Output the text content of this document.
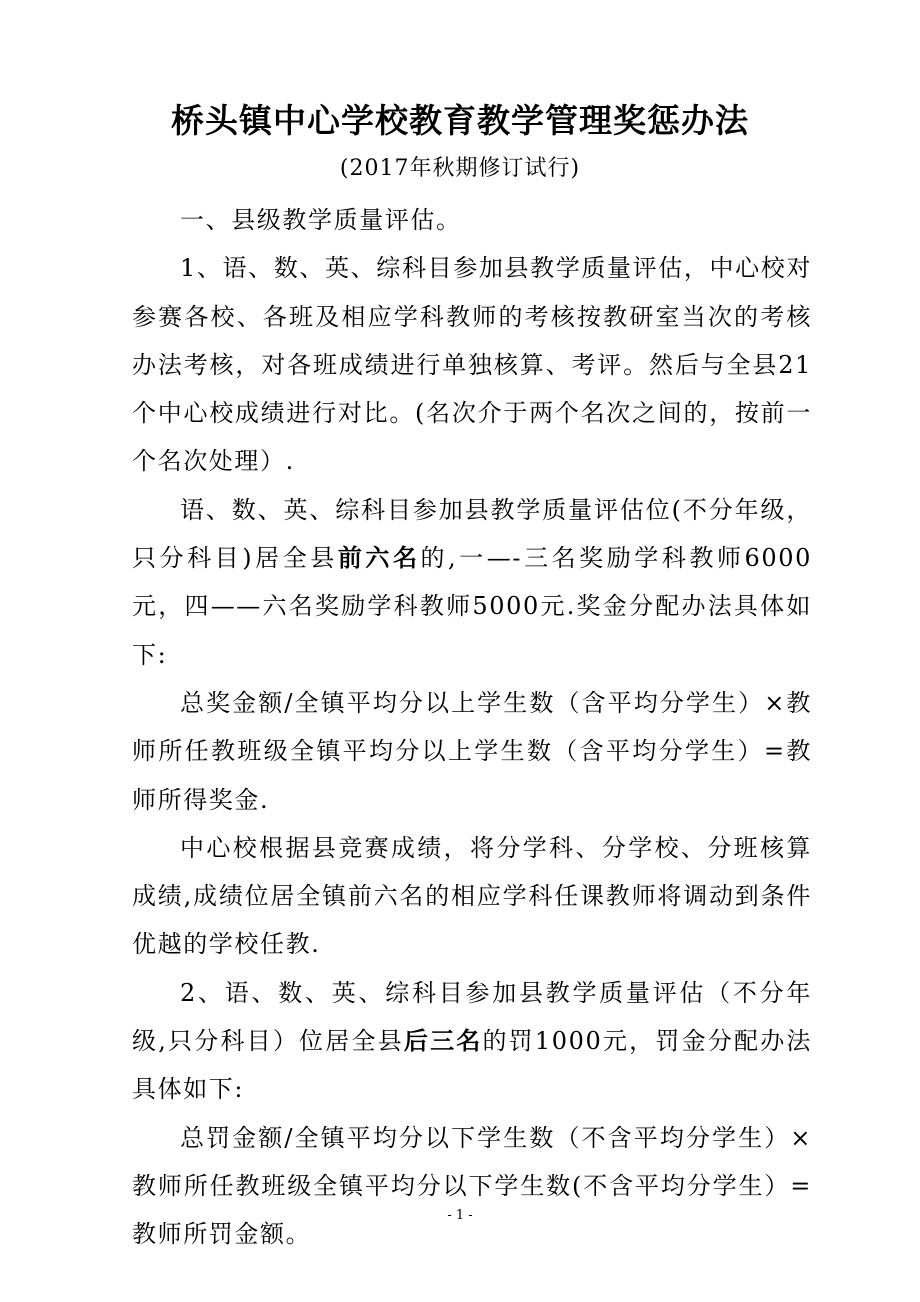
桥头镇中心学校教育教学管理奖惩办法
(2017年秋期修订试行)

一、县级教学质量评估。

1、语、数、英、综科目参加县教学质量评估，中心校对参赛各校、各班及相应学科教师的考核按教研室当次的考核办法考核，对各班成绩进行单独核算、考评。然后与全县21个中心校成绩进行对比。(名次介于两个名次之间的，按前一个名次处理）.

语、数、英、综科目参加县教学质量评估位(不分年级，只分科目)居全县前六名的,一—-三名奖励学科教师6000元，四——六名奖励学科教师5000元.奖金分配办法具体如下:

总奖金额/全镇平均分以上学生数（含平均分学生）×教师所任教班级全镇平均分以上学生数（含平均分学生）=教师所得奖金.

中心校根据县竞赛成绩，将分学科、分学校、分班核算成绩,成绩位居全镇前六名的相应学科任课教师将调动到条件优越的学校任教.

2、语、数、英、综科目参加县教学质量评估（不分年级,只分科目）位居全县后三名的罚1000元，罚金分配办法具体如下:

总罚金额/全镇平均分以下学生数（不含平均分学生）×教师所任教班级全镇平均分以下学生数(不含平均分学生）=教师所罚金额。

- 1 -
